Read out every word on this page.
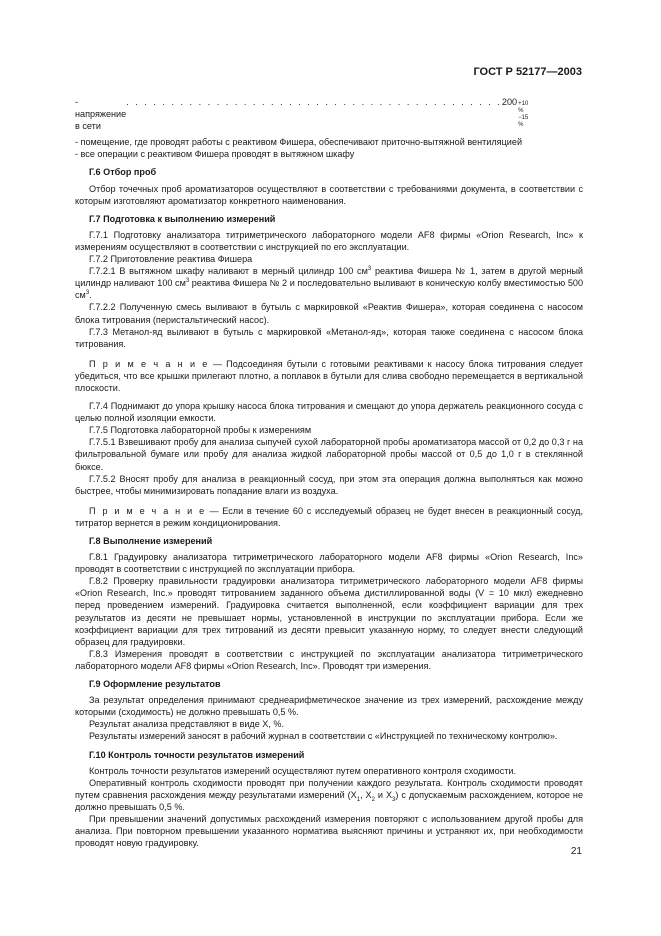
ГОСТ Р 52177—2003
- напряжение в сети
. . . . . . . . . . . . . . . . . . . . . . . . . . . . . . . . . . . . . . . . . . 200 +10 %
−15 %

- помещение, где проводят работы с реактивом Фишера, обеспечивают приточно-вытяжной вентиляцией

- все операции с реактивом Фишера проводят в вытяжном шкафу

Г.6 Отбор проб

Отбор точечных проб ароматизаторов осуществляют в соответствии с требованиями документа, в соответствии с которым изготовляют ароматизатор конкретного наименования.

Г.7 Подготовка к выполнению измерений

Г.7.1 Подготовку анализатора титриметрического лабораторного модели AF8 фирмы «Orion Research, Inc» к измерениям осуществляют в соответствии с инструкцией по его эксплуатации.

Г.7.2 Приготовление реактива Фишера

Г.7.2.1 В вытяжном шкафу наливают в мерный цилиндр 100 $см^3$ реактива Фишера № 1, затем в другой мерный цилиндр наливают 100 $см^3$ реактива Фишера № 2 и последовательно выливают в коническую колбу вместимостью 500 $см^3$.

Г.7.2.2 Полученную смесь выливают в бутыль с маркировкой «Реактив Фишера», которая соединена с насосом блока титрования (перистальтический насос).

Г.7.3 Метанол-яд выливают в бутыль с маркировкой «Метанол-яд», которая также соединена с насосом блока титрования.

П р и м е ч а н и е — Подсоединяя бутыли с готовыми реактивами к насосу блока титрования следует убедиться, что все крышки прилегают плотно, а поплавок в бутыли для слива свободно перемещается в вертикальной плоскости.

Г.7.4 Поднимают до упора крышку насоса блока титрования и смещают до упора держатель реакционного сосуда с целью полной изоляции емкости.

Г.7.5 Подготовка лабораторной пробы к измерениям

Г.7.5.1 Взвешивают пробу для анализа сыпучей сухой лабораторной пробы ароматизатора массой от 0,2 до 0,3 г на фильтровальной бумаге или пробу для анализа жидкой лабораторной пробы массой от 0,5 до 1,0 г в стеклянной бюксе.

Г.7.5.2 Вносят пробу для анализа в реакционный сосуд, при этом эта операция должна выполняться как можно быстрее, чтобы минимизировать попадание влаги из воздуха.

П р и м е ч а н и е — Если в течение 60 с исследуемый образец не будет внесен в реакционный сосуд, титратор вернется в режим кондиционирования.

Г.8 Выполнение измерений

Г.8.1 Градуировку анализатора титриметрического лабораторного модели AF8 фирмы «Orion Research, Inc» проводят в соответствии с инструкцией по эксплуатации прибора.

Г.8.2 Проверку правильности градуировки анализатора титриметрического лабораторного модели AF8 фирмы «Orion Research, Inc.» проводят титрованием заданного объема дистиллированной воды (V = 10 мкл) ежедневно перед проведением измерений. Градуировка считается выполненной, если коэффициент вариации для трех результатов из десяти не превышает нормы, установленной в инструкции по эксплуатации прибора. Если же коэффициент вариации для трех титрований из десяти превысит указанную норму, то следует внести следующий образец для градуировки.

Г.8.3 Измерения проводят в соответствии с инструкцией по эксплуатации анализатора титриметрического лабораторного модели AF8 фирмы «Orion Research, Inc». Проводят три измерения.

Г.9 Оформление результатов

За результат определения принимают среднеарифметическое значение из трех измерений, расхождение между которыми (сходимость) не должно превышать 0,5 %.

Результат анализа представляют в виде X, %.

Результаты измерений заносят в рабочий журнал в соответствии с «Инструкцией по техническому контролю».

Г.10 Контроль точности результатов измерений

Контроль точности результатов измерений осуществляют путем оперативного контроля сходимости.

Оперативный контроль сходимости проводят при получении каждого результата. Контроль сходимости проводят путем сравнения расхождения между результатами измерений ($X_1$, $X_2$ и $X_3$) с допускаемым расхождением, которое не должно превышать 0,5 %.

При превышении значений допустимых расхождений измерения повторяют с использованием другой пробы для анализа. При повторном превышении указанного норматива выясняют причины и устраняют их, при необходимости проводят новую градуировку.

21
